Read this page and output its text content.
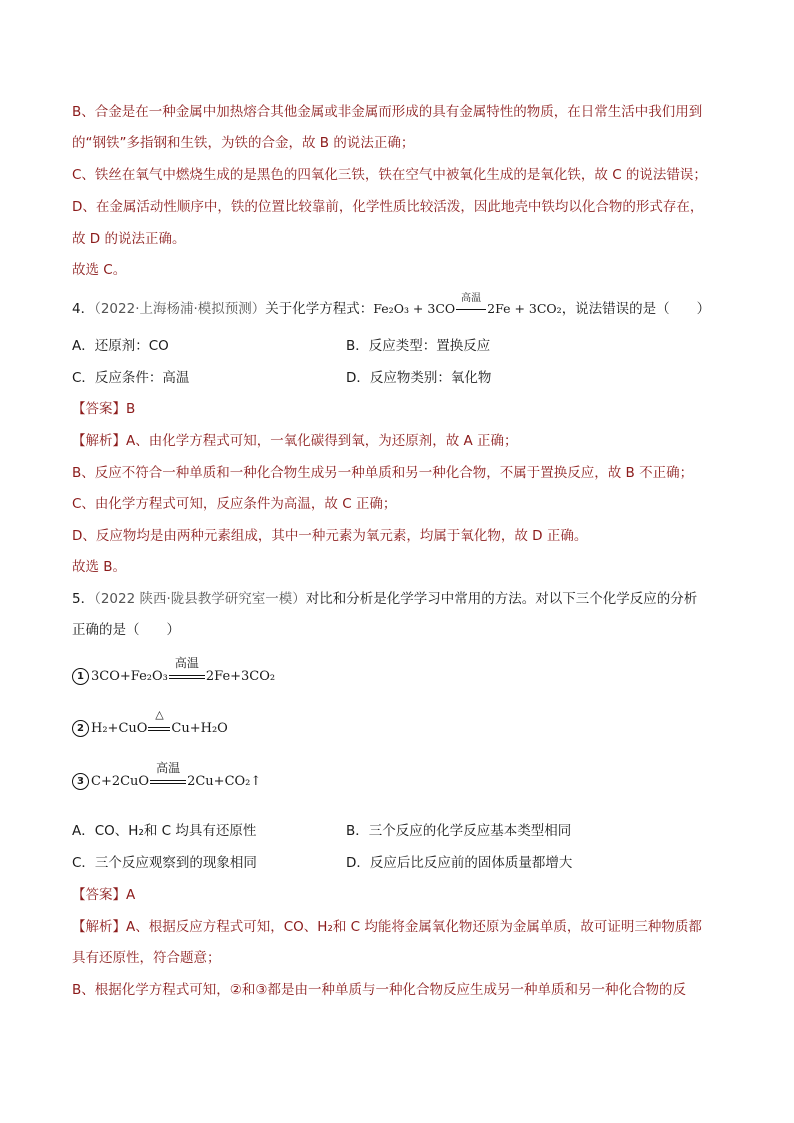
B、合金是在一种金属中加热熔合其他金属或非金属而形成的具有金属特性的物质，在日常生活中我们用到
的“钢铁”多指钢和生铁，为铁的合金，故 B 的说法正确；
C、铁丝在氧气中燃烧生成的是黑色的四氧化三铁，铁在空气中被氧化生成的是氧化铁，故 C 的说法错误；
D、在金属活动性顺序中，铁的位置比较靠前，化学性质比较活泼，因此地壳中铁均以化合物的形式存在，
故 D 的说法正确。
故选 C。
4．（2022·上海杨浦·模拟预测）关于化学方程式：Fe₂O₃ + 3CO
高温
2Fe + 3CO₂，说法错误的是（　　）
A．还原剂：CO	B．反应类型：置换反应
C．反应条件：高温	D．反应物类别：氧化物
【答案】B
【解析】A、由化学方程式可知，一氧化碳得到氧，为还原剂，故 A 正确；
B、反应不符合一种单质和一种化合物生成另一种单质和另一种化合物，不属于置换反应，故 B 不正确；
C、由化学方程式可知，反应条件为高温，故 C 正确；
D、反应物均是由两种元素组成，其中一种元素为氧元素，均属于氧化物，故 D 正确。
故选 B。
5．（2022 陕西·陇县教学研究室一模）对比和分析是化学学习中常用的方法。对以下三个化学反应的分析
正确的是（　　）
1 3CO+Fe₂O₃
高温
2Fe+3CO₂
2 H₂+CuO
△
Cu+H₂O
3 C+2CuO
高温
2Cu+CO₂↑
A．CO、H₂和 C 均具有还原性	B．三个反应的化学反应基本类型相同
C．三个反应观察到的现象相同	D．反应后比反应前的固体质量都增大
【答案】A
【解析】A、根据反应方程式可知，CO、H₂和 C 均能将金属氧化物还原为金属单质，故可证明三种物质都
具有还原性，符合题意；
B、根据化学方程式可知，②和③都是由一种单质与一种化合物反应生成另一种单质和另一种化合物的反
